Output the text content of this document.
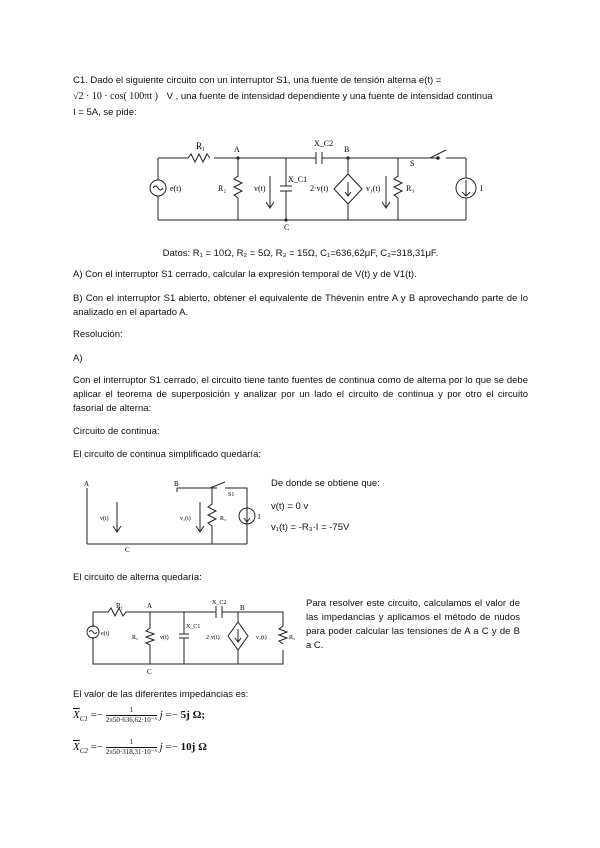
C1. Dado el siguiente circuito con un interruptor S1, una fuente de tensión alterna e(t) =
√2 · 10 · cos( 100πt ) V , una fuente de intensidad dependiente y una fuente de intensidad continua
I = 5A, se pide:
R₁	A
X_C2
B
S
e(t)	R₂	v(t)
X_C1
2·v(t)	v₁(t)	R₃	I
C
Datos: R₁ = 10Ω, R₂ = 5Ω, R₃ = 15Ω, C₁=636,62μF, C₂=318,31μF.
A) Con el interruptor S1 cerrado, calcular la expresión temporal de V(t) y de V1(t).
B) Con el interruptor S1 abierto, obtener el equivalente de Thévenin entre A y B aprovechando parte de lo analizado en el apartado A.
Resolución:
A)
Con el interruptor S1 cerrado, el circuito tiene tanto fuentes de continua como de alterna por lo que se debe aplicar el teorema de superposición y analizar por un lado el circuito de continua y por otro el circuito fasorial de alterna:
Circuito de continua:
El circuito de continua simplificado quedaría:
A	B
S1
C
v(t)	v₁(t)	R₃	I
De donde se obtiene que:
v(t) = 0 v
v₁(t) = -R₃·I = -75V
El circuito de alterna quedaría:
R₁	A	X_C2
B
e(t)
R₂
X_C1
v(t)	2·v(t)	v₁(t)	R₃
C
Para resolver este circuito, calculamos el valor de las impedancias y aplicamos el método de nudos para poder calcular las tensiones de A a C y de B a C.
El valor de las diferentes impedancias es:
$\overline{X}_{C1} =- \frac{1}{\text{2π50·636,62·10⁻⁶}}$ j =− 5j Ω;
$\overline{X}_{C2} =- \frac{1}{\text{2π50·318,31·10⁻⁶}}$ j =− 10j Ω
